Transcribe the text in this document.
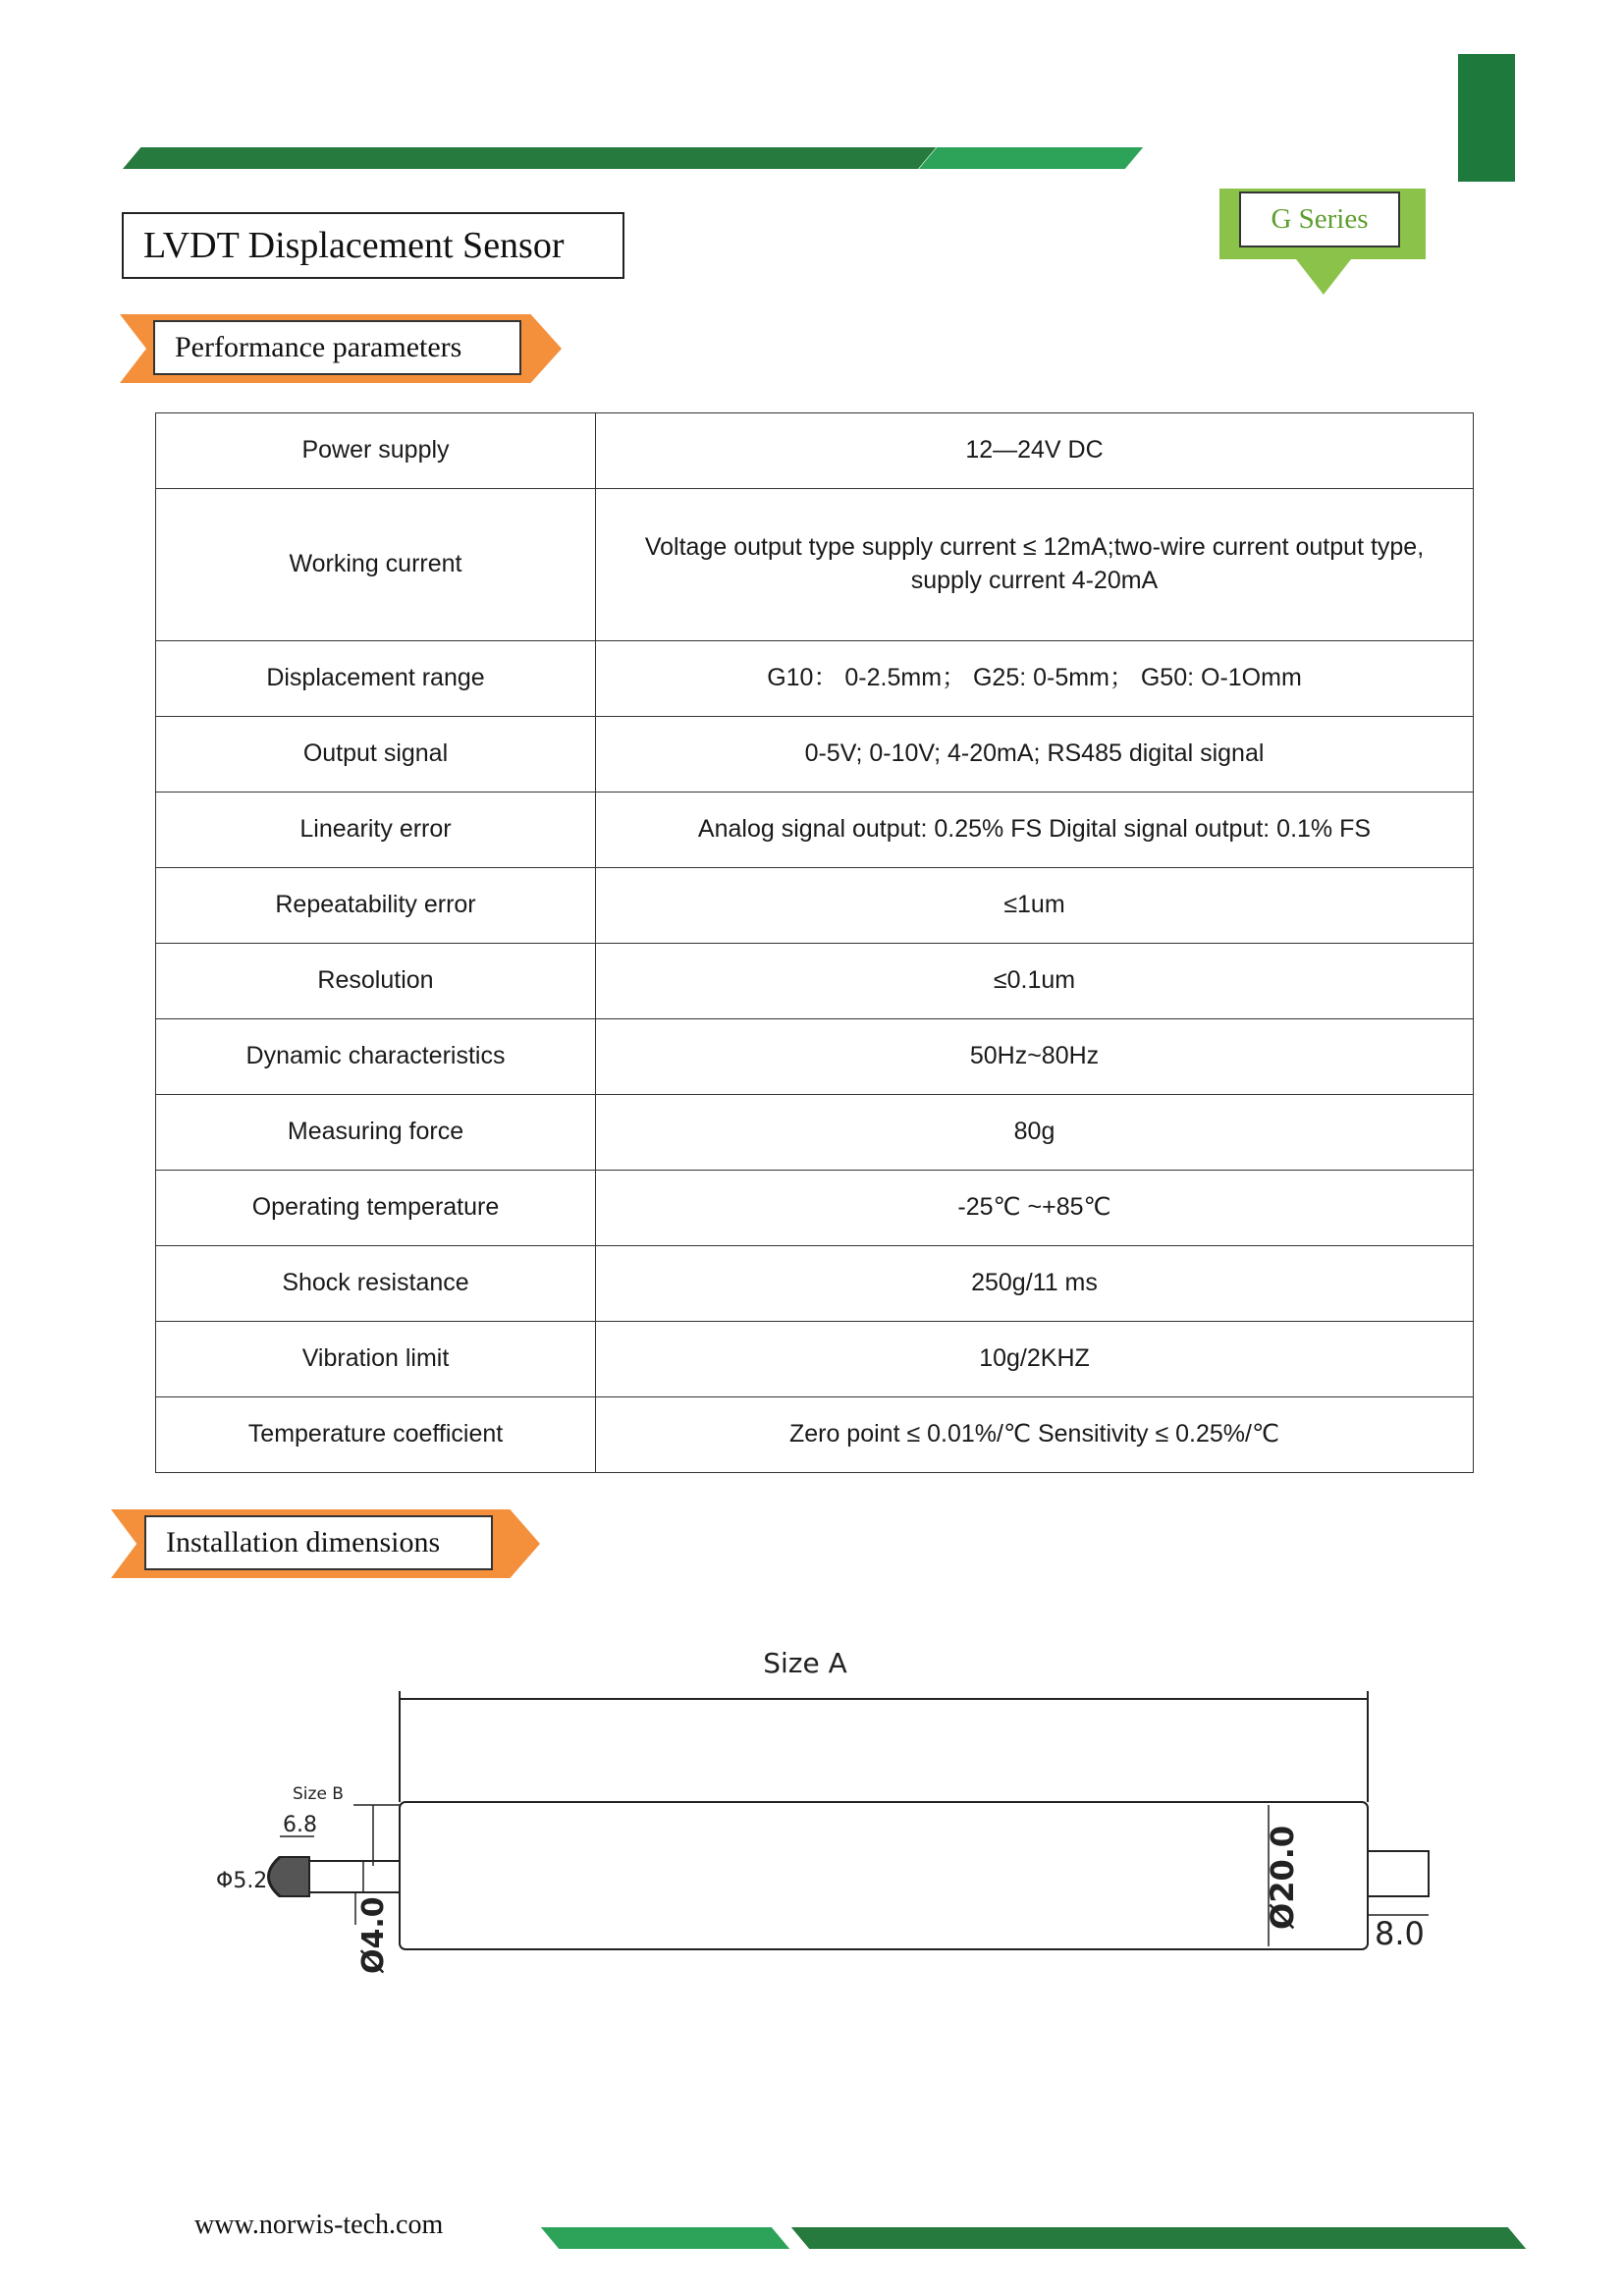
LVDT Displacement Sensor
G Series
Performance parameters
Power supply	12—24V DC
Working current	Voltage output type supply current ≤ 12mA;two-wire current output type, supply current 4-20mA
Displacement range	G10： 0-2.5mm； G25: 0-5mm； G50: O-1Omm
Output signal	0-5V; 0-10V; 4-20mA; RS485 digital signal
Linearity error	Analog signal output: 0.25% FS Digital signal output: 0.1% FS
Repeatability error	≤1um
Resolution	≤0.1um
Dynamic characteristics	50Hz~80Hz
Measuring force	80g
Operating temperature	-25℃ ~+85℃
Shock resistance	250g/11 ms
Vibration limit	10g/2KHZ
Temperature coefficient	Zero point ≤ 0.01%/℃ Sensitivity ≤ 0.25%/℃
Installation dimensions
Size A
Size B
6.8
Φ5.2
Ø4.0
Ø20.0
8.0
www.norwis-tech.com
